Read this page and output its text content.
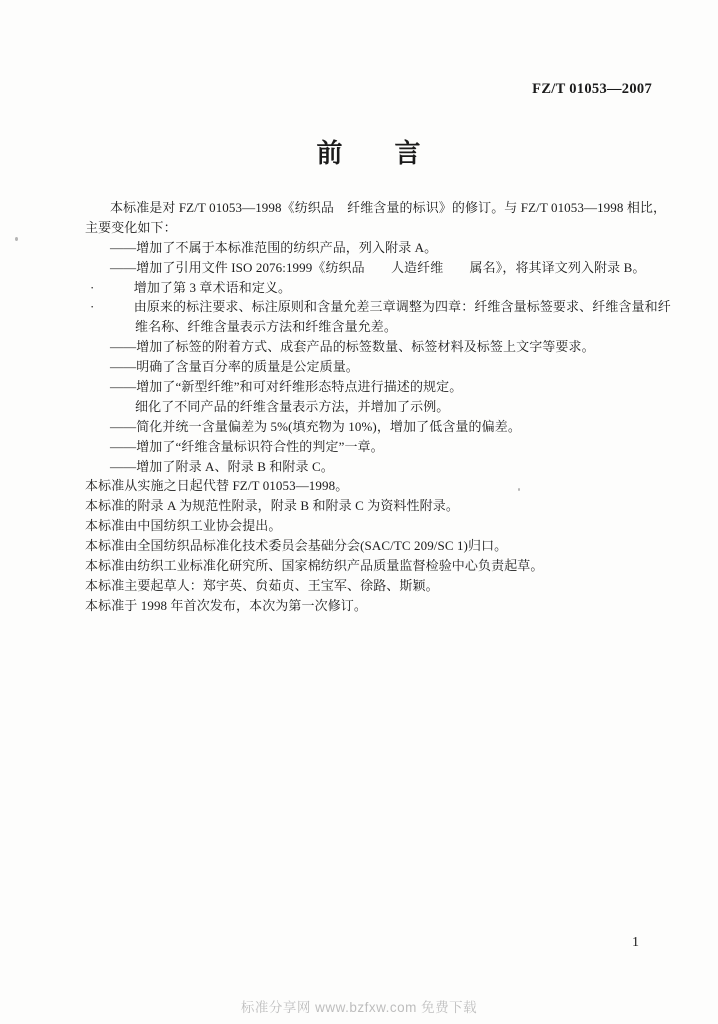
FZ/T 01053—2007
前　　言
本标准是对 FZ/T 01053—1998《纺织品　纤维含量的标识》的修订。与 FZ/T 01053—1998 相比，
主要变化如下：
——增加了不属于本标准范围的纺织产品，列入附录 A。
——增加了引用文件 ISO 2076:1999《纺织品　　人造纤维　　属名》，将其译文列入附录 B。
·　　　增加了第 3 章术语和定义。
·　　　由原来的标注要求、标注原则和含量允差三章调整为四章：纤维含量标签要求、纤维含量和纤
维名称、纤维含量表示方法和纤维含量允差。
——增加了标签的附着方式、成套产品的标签数量、标签材料及标签上文字等要求。
——明确了含量百分率的质量是公定质量。
——增加了“新型纤维”和可对纤维形态特点进行描述的规定。
细化了不同产品的纤维含量表示方法，并增加了示例。
——简化并统一含量偏差为 5%(填充物为 10%)，增加了低含量的偏差。
——增加了“纤维含量标识符合性的判定”一章。
——增加了附录 A、附录 B 和附录 C。
本标准从实施之日起代替 FZ/T 01053—1998。
本标准的附录 A 为规范性附录，附录 B 和附录 C 为资料性附录。
本标准由中国纺织工业协会提出。
本标准由全国纺织品标准化技术委员会基础分会(SAC/TC 209/SC 1)归口。
本标准由纺织工业标准化研究所、国家棉纺织产品质量监督检验中心负责起草。
本标准主要起草人：郑宇英、贠茹贞、王宝军、徐路、斯颖。
本标准于 1998 年首次发布，本次为第一次修订。
1
标准分享网 www.bzfxw.com 免费下载
